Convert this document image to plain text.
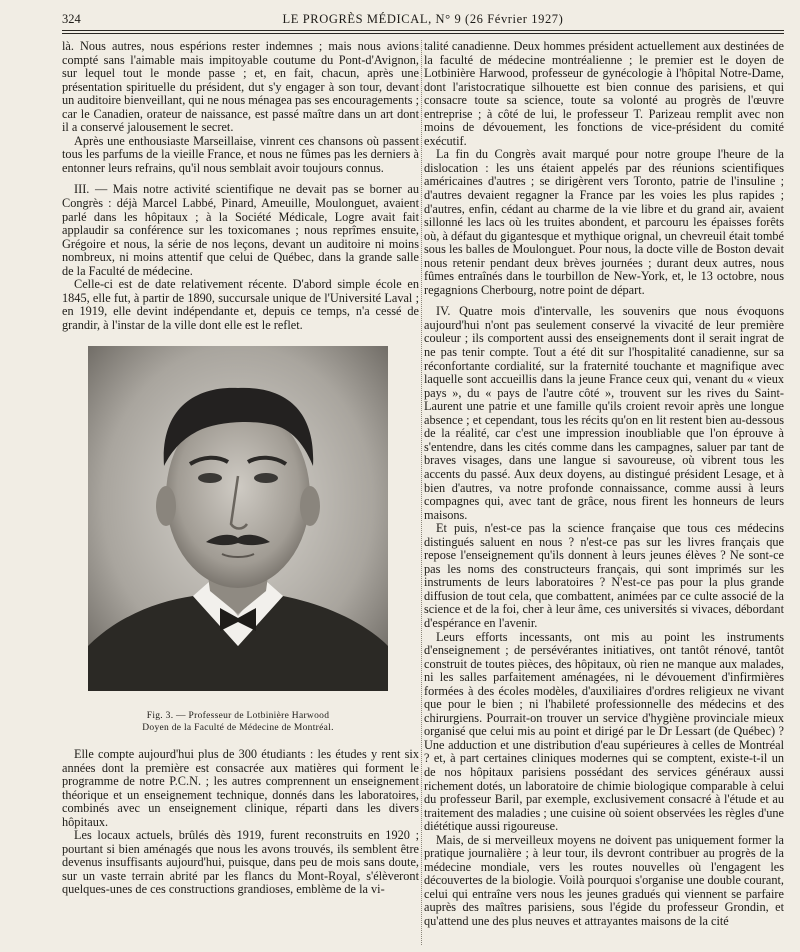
324	LE PROGRÈS MÉDICAL, N° 9 (26 Février 1927)

là. Nous autres, nous espérions rester indemnes ; mais nous avions compté sans l'aimable mais impitoyable coutume du Pont-d'Avignon, sur lequel tout le monde passe ; et, en fait, chacun, après une présentation spirituelle du président, dut s'y engager à son tour, devant un auditoire bienveillant, qui ne nous ménagea pas ses encouragements ; car le Canadien, orateur de naissance, est passé maître dans un art dont il a conservé jalousement le secret.

Après une enthousiaste Marseillaise, vinrent ces chansons où passent tous les parfums de la vieille France, et nous ne fûmes pas les derniers à entonner leurs refrains, qu'il nous semblait avoir toujours connus.

III. — Mais notre activité scientifique ne devait pas se borner au Congrès : déjà Marcel Labbé, Pinard, Ameuille, Moulonguet, avaient parlé dans les hôpitaux ; à la Société Médicale, Logre avait fait applaudir sa conférence sur les toxicomanes ; nous reprîmes ensuite, Grégoire et nous, la série de nos leçons, devant un auditoire ni moins nombreux, ni moins attentif que celui de Québec, dans la grande salle de la Faculté de médecine.

Celle-ci est de date relativement récente. D'abord simple école en 1845, elle fut, à partir de 1890, succursale unique de l'Université Laval ; en 1919, elle devint indépendante et, depuis ce temps, n'a cessé de grandir, à l'instar de la ville dont elle est le reflet.

Fig. 3. — Professeur de Lotbinière Harwood
Doyen de la Faculté de Médecine de Montréal.

Elle compte aujourd'hui plus de 300 étudiants : les études y rent six années dont la première est consacrée aux matières qui forment le programme de notre P.C.N. ; les autres comprennent un enseignement théorique et un enseignement technique, donnés dans les laboratoires, combinés avec un enseignement clinique, réparti dans les divers hôpitaux.

Les locaux actuels, brûlés dès 1919, furent reconstruits en 1920 ; pourtant si bien aménagés que nous les avons trouvés, ils semblent être devenus insuffisants aujourd'hui, puisque, dans peu de mois sans doute, sur un vaste terrain abrité par les flancs du Mont-Royal, s'élèveront quelques-unes de ces constructions grandioses, emblème de la vi-

talité canadienne. Deux hommes président actuellement aux destinées de la faculté de médecine montréalienne ; le premier est le doyen de Lotbinière Harwood, professeur de gynécologie à l'hôpital Notre-Dame, dont l'aristocratique silhouette est bien connue des parisiens, et qui consacre toute sa science, toute sa volonté au progrès de l'œuvre entreprise ; à côté de lui, le professeur T. Parizeau remplit avec non moins de dévouement, les fonctions de vice-président du comité exécutif.

La fin du Congrès avait marqué pour notre groupe l'heure de la dislocation : les uns étaient appelés par des réunions scientifiques américaines d'autres ; se dirigèrent vers Toronto, patrie de l'insuline ; d'autres devaient regagner la France par les voies les plus rapides ; d'autres, enfin, cédant au charme de la vie libre et du grand air, avaient sillonné les lacs où les truites abondent, et parcouru les épaisses forêts où, à défaut du gigantesque et mythique orignal, un chevreuil était tombé sous les balles de Moulonguet. Pour nous, la docte ville de Boston devait nous retenir pendant deux brèves journées ; durant deux autres, nous fûmes entraînés dans le tourbillon de New-York, et, le 13 octobre, nous regagnions Cherbourg, notre point de départ.

IV. Quatre mois d'intervalle, les souvenirs que nous évoquons aujourd'hui n'ont pas seulement conservé la vivacité de leur première couleur ; ils comportent aussi des enseignements dont il serait ingrat de ne pas tenir compte. Tout a été dit sur l'hospitalité canadienne, sur sa réconfortante cordialité, sur la fraternité touchante et magnifique avec laquelle sont accueillis dans la jeune France ceux qui, venant du « vieux pays », du « pays de l'autre côté », trouvent sur les rives du Saint-Laurent une patrie et une famille qu'ils croient revoir après une longue absence ; et cependant, tous les récits qu'on en lit restent bien au-dessous de la réalité, car c'est une impression inoubliable que l'on éprouve à s'entendre, dans les cités comme dans les campagnes, saluer par tant de braves visages, dans une langue si savoureuse, où vibrent tous les accents du passé. Aux deux doyens, au distingué président Lesage, et à bien d'autres, va notre profonde connaissance, comme aussi à leurs compagnes qui, avec tant de grâce, nous firent les honneurs de leurs maisons.

Et puis, n'est-ce pas la science française que tous ces médecins distingués saluent en nous ? n'est-ce pas sur les livres français que repose l'enseignement qu'ils donnent à leurs jeunes élèves ? Ne sont-ce pas les noms des constructeurs français, qui sont imprimés sur les instruments de leurs laboratoires ? N'est-ce pas pour la plus grande diffusion de tout cela, que combattent, animées par ce culte associé de la science et de la foi, cher à leur âme, ces universités si vivaces, débordant d'espérance en l'avenir.

Leurs efforts incessants, ont mis au point les instruments d'enseignement ; de persévérantes initiatives, ont tantôt rénové, tantôt construit de toutes pièces, des hôpitaux, où rien ne manque aux malades, ni les salles parfaitement aménagées, ni le dévouement d'infirmières formées à des écoles modèles, d'auxiliaires d'ordres religieux ne vivant que pour le bien ; ni l'habileté professionnelle des médecins et des chirurgiens. Pourrait-on trouver un service d'hygiène provinciale mieux organisé que celui mis au point et dirigé par le Dr Lessart (de Québec) ? Une adduction et une distribution d'eau supérieures à celles de Montréal ? et, à part certaines cliniques modernes qui se comptent, existe-t-il un de nos hôpitaux parisiens possédant des services généraux aussi richement dotés, un laboratoire de chimie biologique comparable à celui du professeur Baril, par exemple, exclusivement consacré à l'étude et au traitement des maladies ; une cuisine où soient observées les règles d'une diététique aussi rigoureuse.

Mais, de si merveilleux moyens ne doivent pas uniquement former la pratique journalière ; à leur tour, ils devront contribuer au progrès de la médecine mondiale, vers les routes nouvelles où l'engagent les découvertes de la biologie. Voilà pourquoi s'organise une double courant, celui qui entraîne vers nous les jeunes gradués qui viennent se parfaire auprès des maîtres parisiens, sous l'égide du professeur Grondin, et qu'attend une des plus neuves et attrayantes maisons de la cité
